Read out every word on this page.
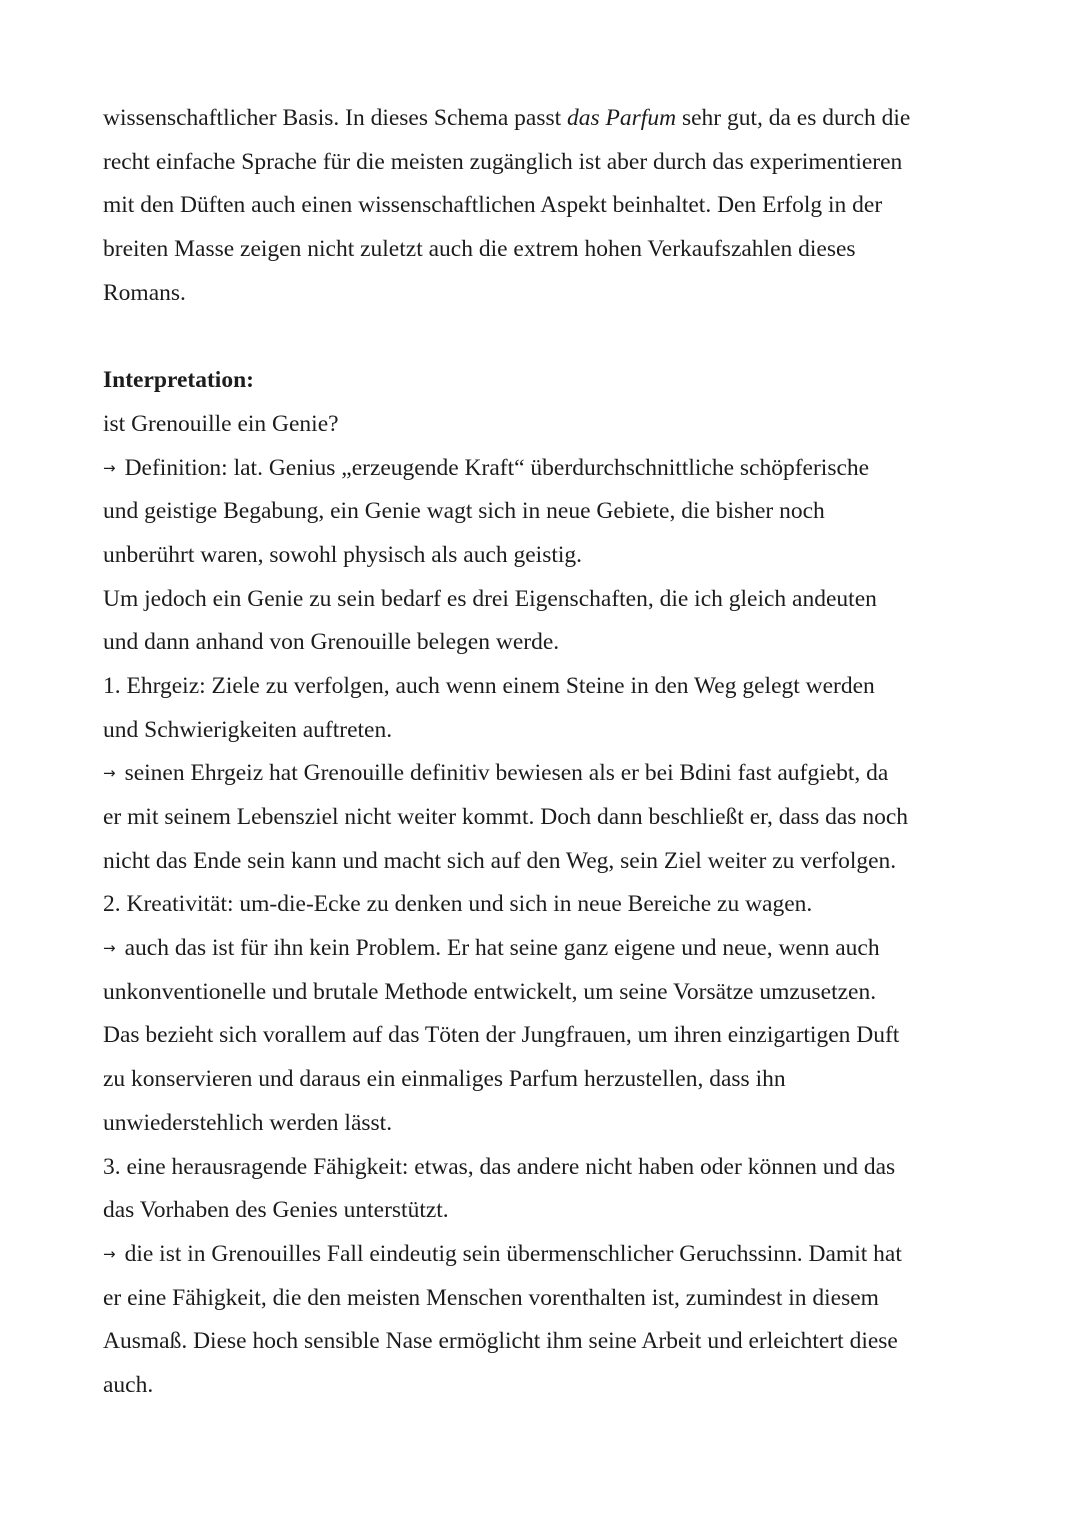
wissenschaftlicher Basis. In dieses Schema passt das Parfum sehr gut, da es durch die
recht einfache Sprache für die meisten zugänglich ist aber durch das experimentieren
mit den Düften auch einen wissenschaftlichen Aspekt beinhaltet. Den Erfolg in der
breiten Masse zeigen nicht zuletzt auch die extrem hohen Verkaufszahlen dieses
Romans.
Interpretation:
ist Grenouille ein Genie?
→ Definition: lat. Genius „erzeugende Kraft“ überdurchschnittliche schöpferische
und geistige Begabung, ein Genie wagt sich in neue Gebiete, die bisher noch
unberührt waren, sowohl physisch als auch geistig.
Um jedoch ein Genie zu sein bedarf es drei Eigenschaften, die ich gleich andeuten
und dann anhand von Grenouille belegen werde.
1. Ehrgeiz: Ziele zu verfolgen, auch wenn einem Steine in den Weg gelegt werden
und Schwierigkeiten auftreten.
→ seinen Ehrgeiz hat Grenouille definitiv bewiesen als er bei Bdini fast aufgiebt, da
er mit seinem Lebensziel nicht weiter kommt. Doch dann beschließt er, dass das noch
nicht das Ende sein kann und macht sich auf den Weg, sein Ziel weiter zu verfolgen.
2. Kreativität: um-die-Ecke zu denken und sich in neue Bereiche zu wagen.
→ auch das ist für ihn kein Problem. Er hat seine ganz eigene und neue, wenn auch
unkonventionelle und brutale Methode entwickelt, um seine Vorsätze umzusetzen.
Das bezieht sich vorallem auf das Töten der Jungfrauen, um ihren einzigartigen Duft
zu konservieren und daraus ein einmaliges Parfum herzustellen, dass ihn
unwiederstehlich werden lässt.
3. eine herausragende Fähigkeit: etwas, das andere nicht haben oder können und das
das Vorhaben des Genies unterstützt.
→ die ist in Grenouilles Fall eindeutig sein übermenschlicher Geruchssinn. Damit hat
er eine Fähigkeit, die den meisten Menschen vorenthalten ist, zumindest in diesem
Ausmaß. Diese hoch sensible Nase ermöglicht ihm seine Arbeit und erleichtert diese
auch.
